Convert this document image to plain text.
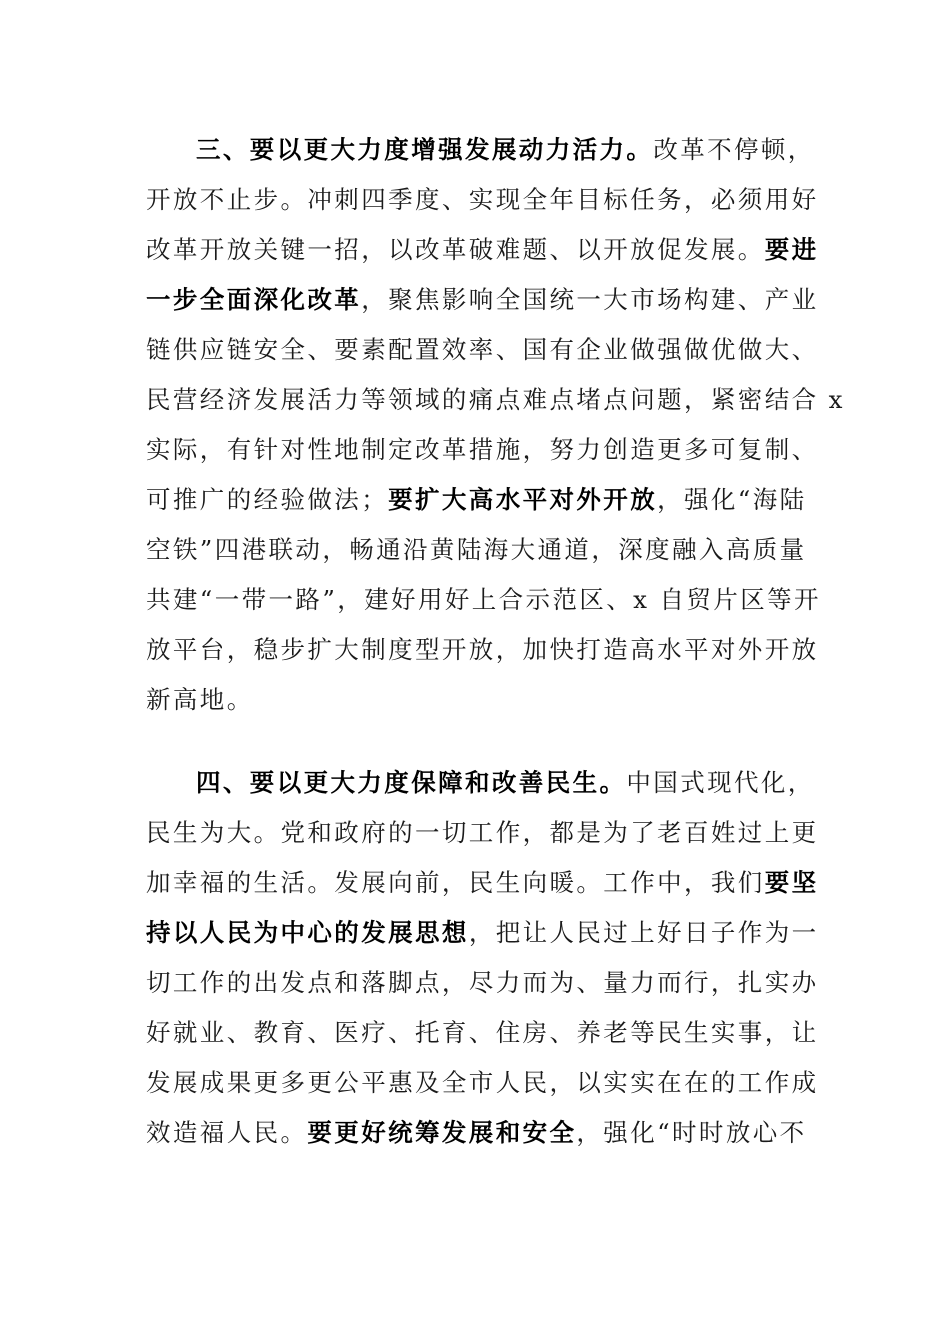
三、要以更大力度增强发展动力活力。改革不停顿，
开放不止步。冲刺四季度、实现全年目标任务，必须用好
改革开放关键一招，以改革破难题、以开放促发展。要进
一步全面深化改革，聚焦影响全国统一大市场构建、产业
链供应链安全、要素配置效率、国有企业做强做优做大、
民营经济发展活力等领域的痛点难点堵点问题，紧密结合 x
实际，有针对性地制定改革措施，努力创造更多可复制、
可推广的经验做法；要扩大高水平对外开放，强化“海陆
空铁”四港联动，畅通沿黄陆海大通道，深度融入高质量
共建“一带一路”，建好用好上合示范区、x 自贸片区等开
放平台，稳步扩大制度型开放，加快打造高水平对外开放
新高地。
四、要以更大力度保障和改善民生。中国式现代化，
民生为大。党和政府的一切工作，都是为了老百姓过上更
加幸福的生活。发展向前，民生向暖。工作中，我们要坚
持以人民为中心的发展思想，把让人民过上好日子作为一
切工作的出发点和落脚点，尽力而为、量力而行，扎实办
好就业、教育、医疗、托育、住房、养老等民生实事，让
发展成果更多更公平惠及全市人民，以实实在在的工作成
效造福人民。要更好统筹发展和安全，强化“时时放心不
